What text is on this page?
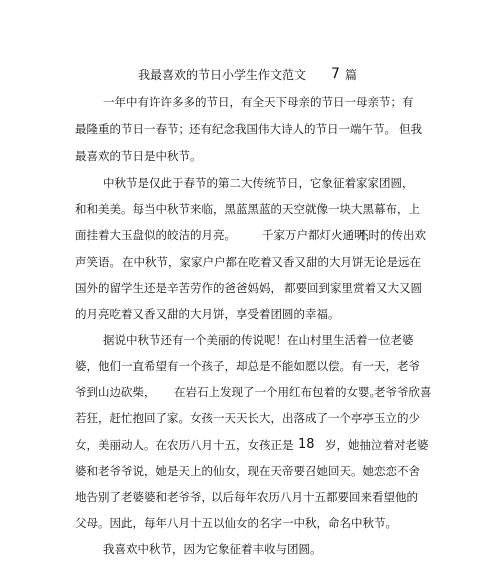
我最喜欢的节日小学生作文范文 7 篇
一年中有许许多多的节日，有全天下母亲的节日一母亲节；有
最隆重的节日一春节； 还有纪念我国伟大诗人的节日一端午节。 但我
最喜欢的节日是中秋节。
中秋节是仅此于春节的第二大传统节日，它象征着家家团圆，
和和美美。每当中秋节来临，黑蓝黑蓝的天空就像一块大黑幕布，上
面挂着大玉盘似的皎洁的月亮。 千家万户都灯火通明，
不时的传出欢
声笑语。 在中秋节，家家户户都在吃着又香又甜的大月饼无论是远在
国外的留学生还是辛苦劳作的爸爸妈妈， 都要回到家里赏着又大又圆
的月亮吃着又香又甜的大月饼，享受着团圆的幸福。
据说中秋节还有一个美丽的传说呢！在山村里生活着一位老婆
婆，他们一直希望有一个孩子，却总是不能如愿以偿。有一天，老爷
爷到山边砍柴， 在岩石上发现了一个用红布包着的女婴。
老爷爷欣喜
若狂，赶忙抱回了家。女孩一天天长大，出落成了一个亭亭玉立的少
女，美丽动人。在农历八月十五，女孩正是 18 岁，她抽泣着对老婆
婆和老爷爷说，她是天上的仙女，现在天帝要召她回天。她恋恋不舍
地告别了老婆婆和老爷爷，
以后每年农历八月十五都要回来看望他的
父母。因此，每年八月十五以仙女的名字一中秋，命名中秋节。
我喜欢中秋节，因为它象征着丰收与团圆。
